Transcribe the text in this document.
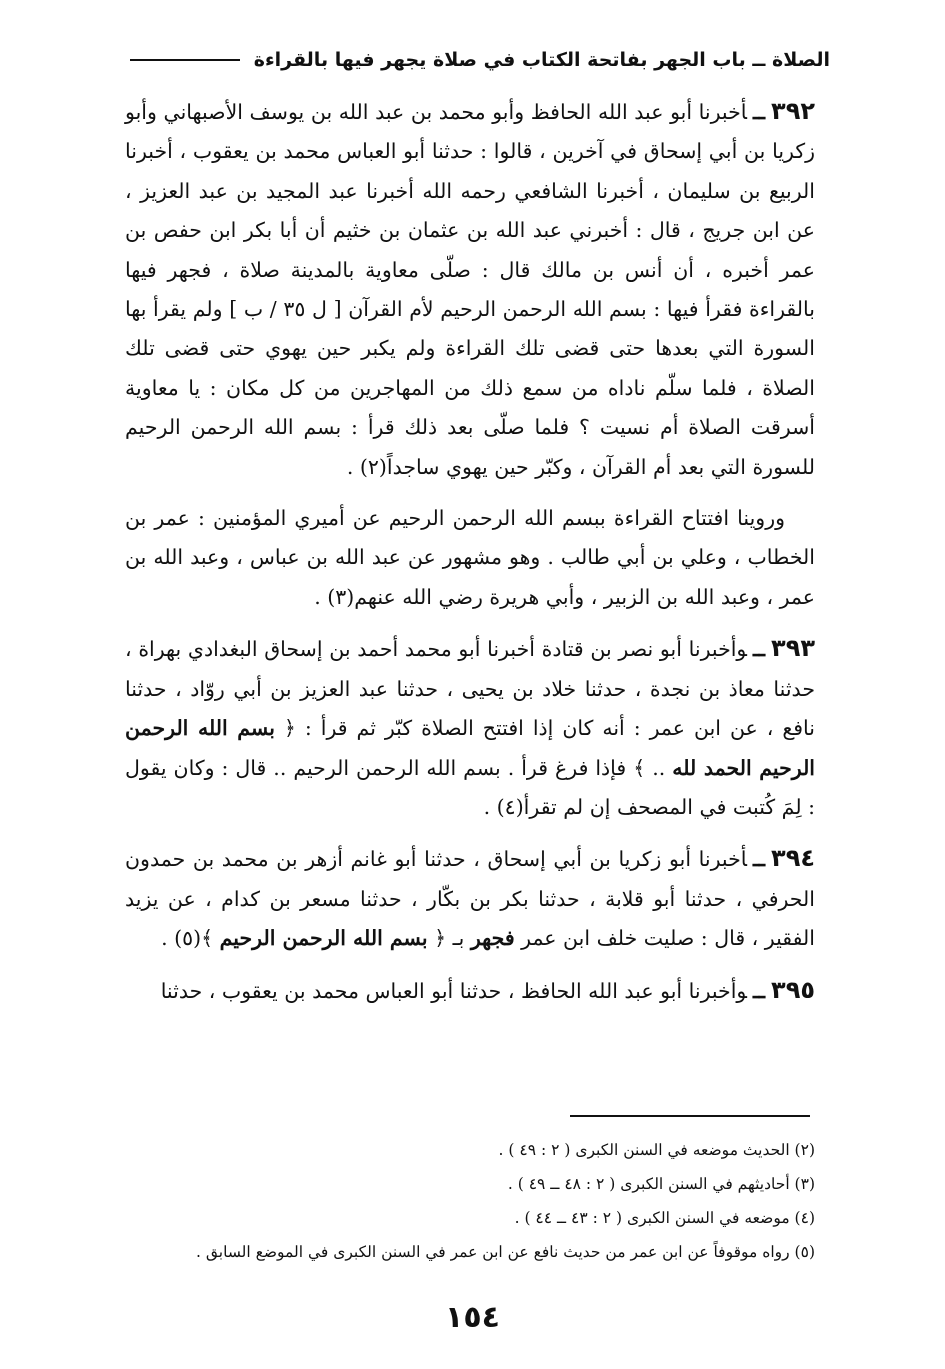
الصلاة ــ باب الجهر بفاتحة الكتاب في صلاة يجهر فيها بالقراءة

٣٩٢ــأخبرنا أبو عبد الله الحافظ وأبو محمد بن عبد الله بن يوسف الأصبهاني وأبو زكريا بن أبي إسحاق في آخرين ، قالوا : حدثنا أبو العباس محمد بن يعقوب ، أخبرنا الربيع بن سليمان ، أخبرنا الشافعي رحمه الله أخبرنا عبد المجيد بن عبد العزيز ، عن ابن جريج ، قال : أخبرني عبد الله بن عثمان بن خثيم أن أبا بكر ابن حفص بن عمر أخبره ، أن أنس بن مالك قال : صلّى معاوية بالمدينة صلاة ، فجهر فيها بالقراءة فقرأ فيها : بسم الله الرحمن الرحيم لأم القرآن [ ل ٣٥ / ب ] ولم يقرأ بها السورة التي بعدها حتى قضى تلك القراءة ولم يكبر حين يهوي حتى قضى تلك الصلاة ، فلما سلّم ناداه من سمع ذلك من المهاجرين من كل مكان : يا معاوية أسرقت الصلاة أم نسيت ؟ فلما صلّى بعد ذلك قرأ : بسم الله الرحمن الرحيم للسورة التي بعد أم القرآن ، وكبّر حين يهوي ساجداً(٢) .

وروينا افتتاح القراءة ببسم الله الرحمن الرحيم عن أميري المؤمنين : عمر بن الخطاب ، وعلي بن أبي طالب . وهو مشهور عن عبد الله بن عباس ، وعبد الله بن عمر ، وعبد الله بن الزبير ، وأبي هريرة رضي الله عنهم(٣) .

٣٩٣ــوأخبرنا أبو نصر بن قتادة أخبرنا أبو محمد أحمد بن إسحاق البغدادي بهراة ، حدثنا معاذ بن نجدة ، حدثنا خلاد بن يحيى ، حدثنا عبد العزيز بن أبي روّاد ، حدثنا نافع ، عن ابن عمر : أنه كان إذا افتتح الصلاة كبّر ثم قرأ : ﴿ بسم الله الرحمن الرحيم الحمد لله .. ﴾ فإذا فرغ قرأ . بسم الله الرحمن الرحيم .. قال : وكان يقول : لِمَ كُتبت في المصحف إن لم تقرأ(٤) .

٣٩٤ــأخبرنا أبو زكريا بن أبي إسحاق ، حدثنا أبو غانم أزهر بن محمد بن حمدون الحرفي ، حدثنا أبو قلابة ، حدثنا بكر بن بكّار ، حدثنا مسعر بن كدام ، عن يزيد الفقير ، قال : صليت خلف ابن عمر فجهر بـ ﴿ بسم الله الرحمن الرحيم ﴾(٥) .

٣٩٥ــوأخبرنا أبو عبد الله الحافظ ، حدثنا أبو العباس محمد بن يعقوب ، حدثنا

(٢) الحديث موضعه في السنن الكبرى ( ٢ : ٤٩ ) .

(٣) أحاديثهم في السنن الكبرى ( ٢ : ٤٨ ــ ٤٩ ) .

(٤) موضعه في السنن الكبرى ( ٢ : ٤٣ ــ ٤٤ ) .

(٥) رواه موقوفاً عن ابن عمر من حديث نافع عن ابن عمر في السنن الكبرى في الموضع السابق .

١٥٤
